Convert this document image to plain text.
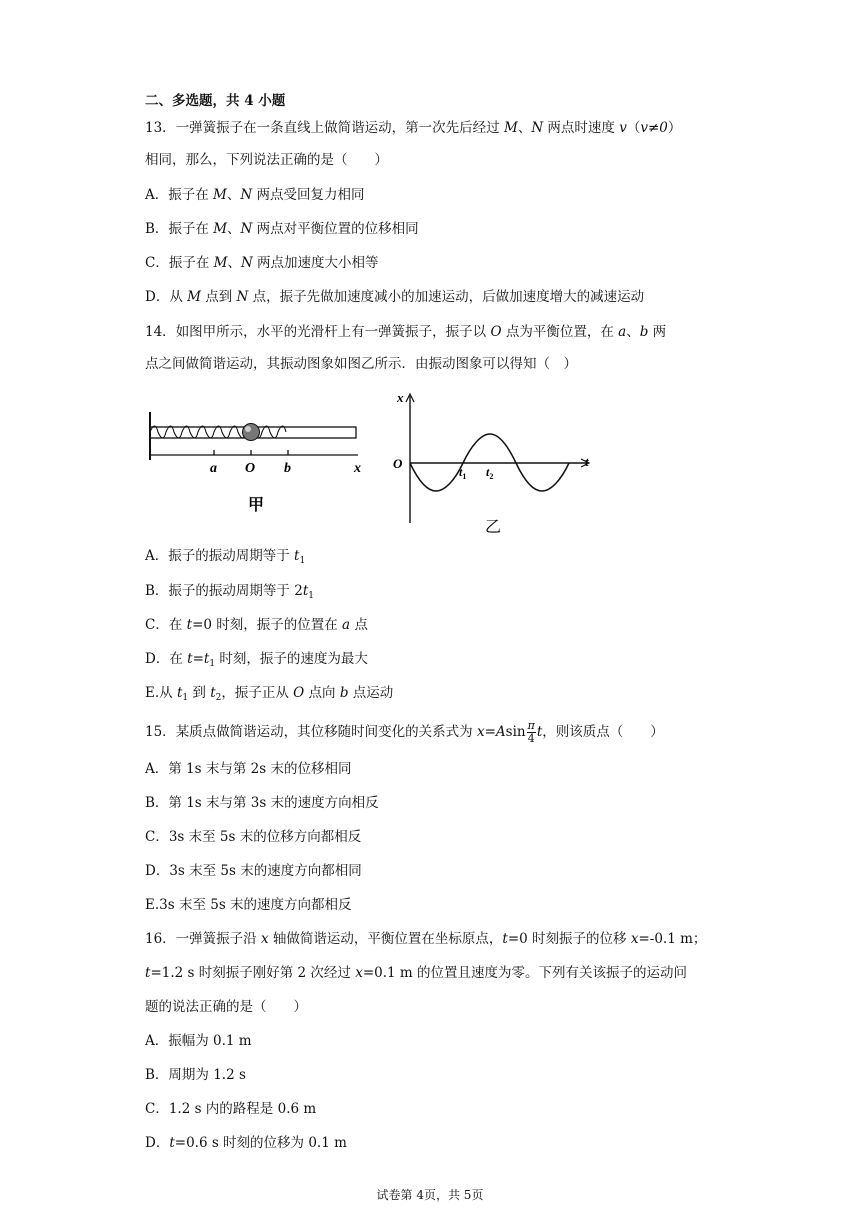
二、多选题，共 4 小题
13．一弹簧振子在一条直线上做简谐运动，第一次先后经过 M、N 两点时速度 v（v≠0）
相同，那么，下列说法正确的是（　　）
A．振子在 M、N 两点受回复力相同
B．振子在 M、N 两点对平衡位置的位移相同
C．振子在 M、N 两点加速度大小相等
D．从 M 点到 N 点，振子先做加速度减小的加速运动，后做加速度增大的减速运动
14．如图甲所示，水平的光滑杆上有一弹簧振子，振子以 O 点为平衡位置，在 a、b 两
点之间做简谐运动，其振动图象如图乙所示．由振动图象可以得知（　）
a O b	x
甲
x
O	t
$t_1$ $t_2$
乙
A．振子的振动周期等于 $t_1$
B．振子的振动周期等于 $2t_1$
C．在 t=0 时刻，振子的位置在 a 点
D．在 $t=t_1$ 时刻，振子的速度为最大
E.从 $t_1$ 到 $t_2$，振子正从 O 点向 b 点运动
15．某质点做简谐运动，其位移随时间变化的关系式为 $x=Asin \frac{\pi}{4}$ t，则该质点（　　）
A．第 1s 末与第 2s 末的位移相同
B．第 1s 末与第 3s 末的速度方向相反
C．3s 末至 5s 末的位移方向都相反
D．3s 末至 5s 末的速度方向都相同
E.3s 末至 5s 末的速度方向都相反
16．一弹簧振子沿 x 轴做简谐运动，平衡位置在坐标原点，t=0 时刻振子的位移 x=-0.1 m；
t=1.2 s 时刻振子刚好第 2 次经过 x=0.1 m 的位置且速度为零。下列有关该振子的运动问
题的说法正确的是（　　）
A．振幅为 0.1 m
B．周期为 1.2 s
C．1.2 s 内的路程是 0.6 m
D．t=0.6 s 时刻的位移为 0.1 m
试卷第 4页，共 5页
